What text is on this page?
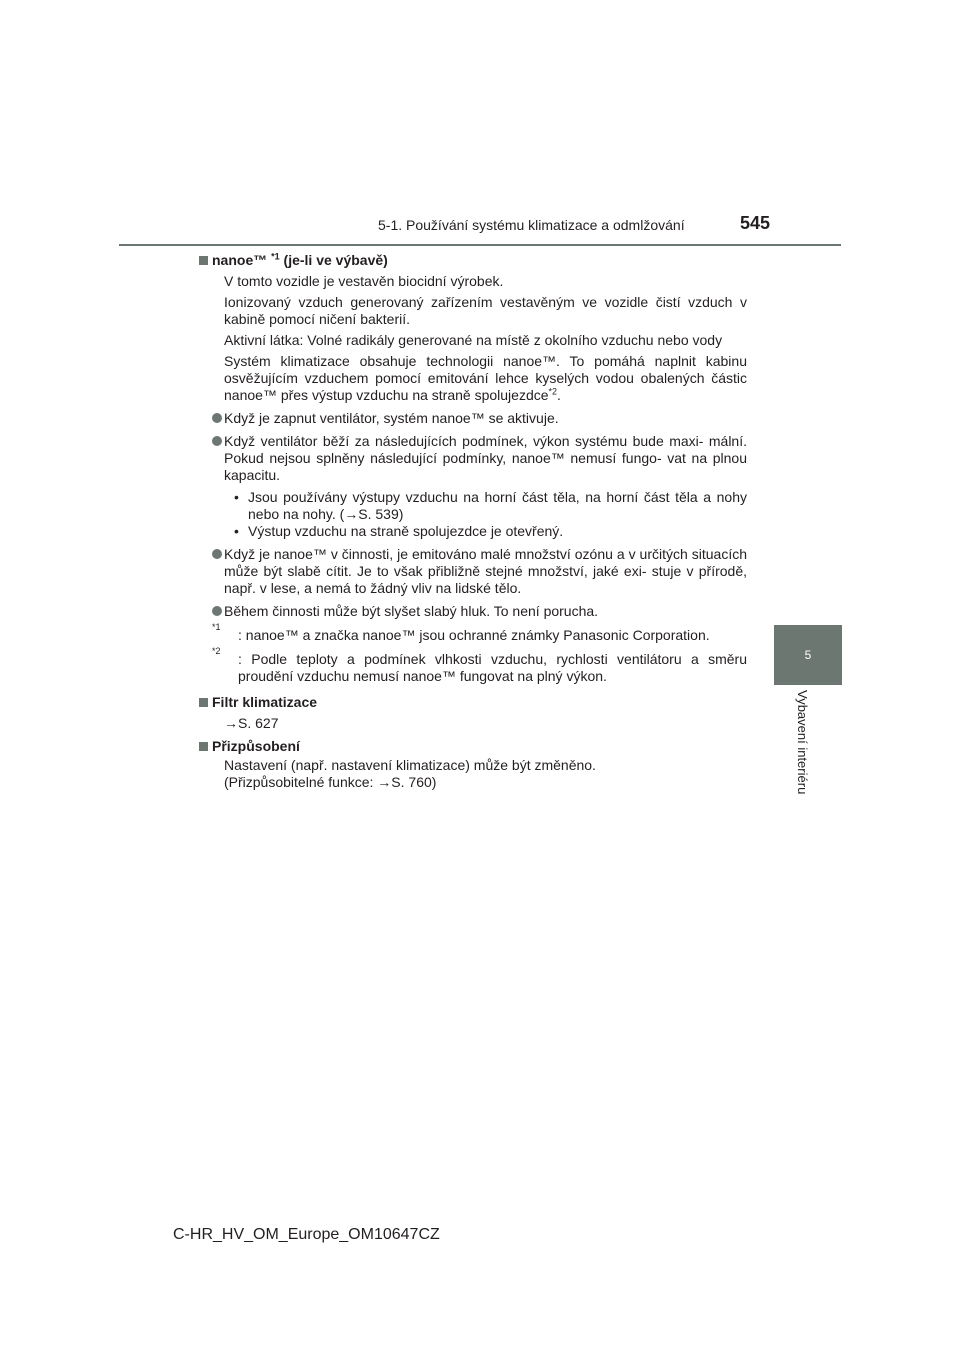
5-1. Používání systému klimatizace a odmlžování	545
5
Vybavení interiéru
nanoe™ $^{*1}$ (je-li ve výbavě)

V tomto vozidle je vestavěn biocidní výrobek.

Ionizovaný vzduch generovaný zařízením vestavěným ve vozidle čistí vzduch v kabině pomocí ničení bakterií.

Aktivní látka: Volné radikály generované na místě z okolního vzduchu nebo vody

Systém klimatizace obsahuje technologii nanoe™. To pomáhá naplnit kabinu osvěžujícím vzduchem pomocí emitování lehce kyselých vodou obalených částic nanoe™ přes výstup vzduchu na straně spolujezdce$^{*2}$.

Když je zapnut ventilátor, systém nanoe™ se aktivuje.
Když ventilátor běží za následujících podmínek, výkon systému bude maxi- mální. Pokud nejsou splněny následující podmínky, nanoe™ nemusí fungo- vat na plnou kapacitu.
• Jsou používány výstupy vzduchu na horní část těla, na horní část těla a nohy nebo na nohy. (→S. 539)
• Výstup vzduchu na straně spolujezdce je otevřený.
Když je nanoe™ v činnosti, je emitováno malé množství ozónu a v určitých situacích může být slabě cítit. Je to však přibližně stejné množství, jaké exi- stuje v přírodě, např. v lese, a nemá to žádný vliv na lidské tělo.
Během činnosti může být slyšet slabý hluk. To není porucha.
*1 : nanoe™ a značka nanoe™ jsou ochranné známky Panasonic Corporation.
*2 : Podle teploty a podmínek vlhkosti vzduchu, rychlosti ventilátoru a směru proudění vzduchu nemusí nanoe™ fungovat na plný výkon.
Filtr klimatizace

→S. 627

Přizpůsobení

Nastavení (např. nastavení klimatizace) může být změněno.

(Přizpůsobitelné funkce: →S. 760)

C-HR_HV_OM_Europe_OM10647CZ
